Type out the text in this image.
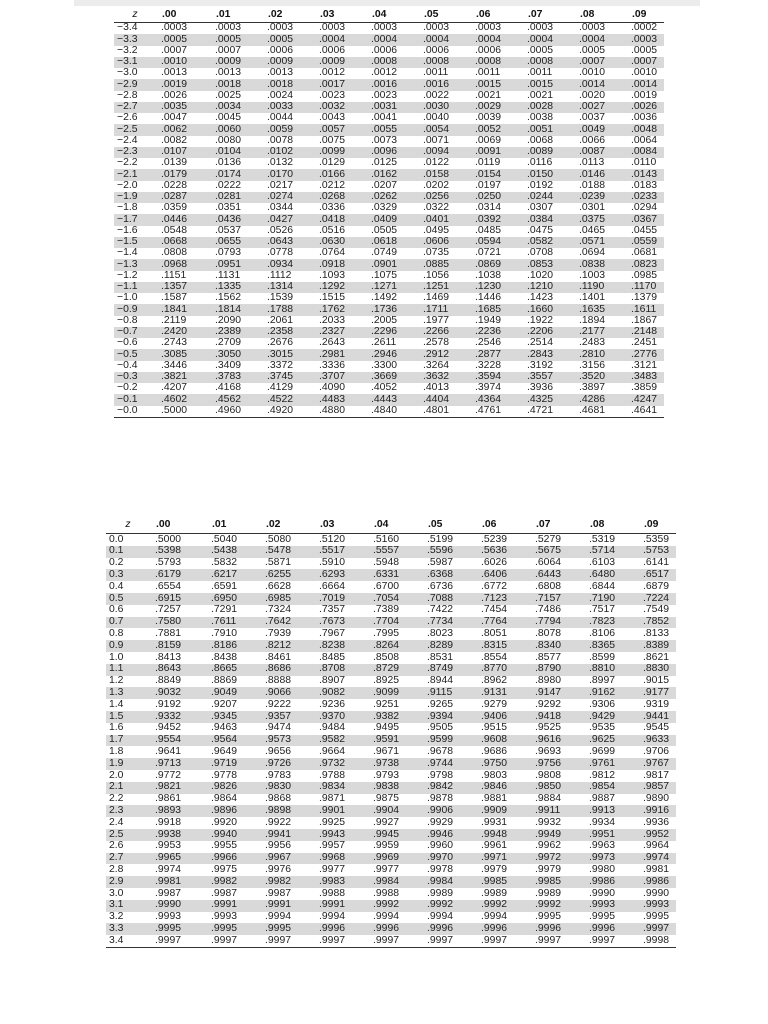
z	.00	.01	.02	.03	.04	.05	.06	.07	.08	.09
−3.4	.0003	.0003	.0003	.0003	.0003	.0003	.0003	.0003	.0003	.0002
−3.3	.0005	.0005	.0005	.0004	.0004	.0004	.0004	.0004	.0004	.0003
−3.2	.0007	.0007	.0006	.0006	.0006	.0006	.0006	.0005	.0005	.0005
−3.1	.0010	.0009	.0009	.0009	.0008	.0008	.0008	.0008	.0007	.0007
−3.0	.0013	.0013	.0013	.0012	.0012	.0011	.0011	.0011	.0010	.0010
−2.9	.0019	.0018	.0018	.0017	.0016	.0016	.0015	.0015	.0014	.0014
−2.8	.0026	.0025	.0024	.0023	.0023	.0022	.0021	.0021	.0020	.0019
−2.7	.0035	.0034	.0033	.0032	.0031	.0030	.0029	.0028	.0027	.0026
−2.6	.0047	.0045	.0044	.0043	.0041	.0040	.0039	.0038	.0037	.0036
−2.5	.0062	.0060	.0059	.0057	.0055	.0054	.0052	.0051	.0049	.0048
−2.4	.0082	.0080	.0078	.0075	.0073	.0071	.0069	.0068	.0066	.0064
−2.3	.0107	.0104	.0102	.0099	.0096	.0094	.0091	.0089	.0087	.0084
−2.2	.0139	.0136	.0132	.0129	.0125	.0122	.0119	.0116	.0113	.0110
−2.1	.0179	.0174	.0170	.0166	.0162	.0158	.0154	.0150	.0146	.0143
−2.0	.0228	.0222	.0217	.0212	.0207	.0202	.0197	.0192	.0188	.0183
−1.9	.0287	.0281	.0274	.0268	.0262	.0256	.0250	.0244	.0239	.0233
−1.8	.0359	.0351	.0344	.0336	.0329	.0322	.0314	.0307	.0301	.0294
−1.7	.0446	.0436	.0427	.0418	.0409	.0401	.0392	.0384	.0375	.0367
−1.6	.0548	.0537	.0526	.0516	.0505	.0495	.0485	.0475	.0465	.0455
−1.5	.0668	.0655	.0643	.0630	.0618	.0606	.0594	.0582	.0571	.0559
−1.4	.0808	.0793	.0778	.0764	.0749	.0735	.0721	.0708	.0694	.0681
−1.3	.0968	.0951	.0934	.0918	.0901	.0885	.0869	.0853	.0838	.0823
−1.2	.1151	.1131	.1112	.1093	.1075	.1056	.1038	.1020	.1003	.0985
−1.1	.1357	.1335	.1314	.1292	.1271	.1251	.1230	.1210	.1190	.1170
−1.0	.1587	.1562	.1539	.1515	.1492	.1469	.1446	.1423	.1401	.1379
−0.9	.1841	.1814	.1788	.1762	.1736	.1711	.1685	.1660	.1635	.1611
−0.8	.2119	.2090	.2061	.2033	.2005	.1977	.1949	.1922	.1894	.1867
−0.7	.2420	.2389	.2358	.2327	.2296	.2266	.2236	.2206	.2177	.2148
−0.6	.2743	.2709	.2676	.2643	.2611	.2578	.2546	.2514	.2483	.2451
−0.5	.3085	.3050	.3015	.2981	.2946	.2912	.2877	.2843	.2810	.2776
−0.4	.3446	.3409	.3372	.3336	.3300	.3264	.3228	.3192	.3156	.3121
−0.3	.3821	.3783	.3745	.3707	.3669	.3632	.3594	.3557	.3520	.3483
−0.2	.4207	.4168	.4129	.4090	.4052	.4013	.3974	.3936	.3897	.3859
−0.1	.4602	.4562	.4522	.4483	.4443	.4404	.4364	.4325	.4286	.4247
−0.0	.5000	.4960	.4920	.4880	.4840	.4801	.4761	.4721	.4681	.4641
z	.00	.01	.02	.03	.04	.05	.06	.07	.08	.09
0.0	.5000	.5040	.5080	.5120	.5160	.5199	.5239	.5279	.5319	.5359
0.1	.5398	.5438	.5478	.5517	.5557	.5596	.5636	.5675	.5714	.5753
0.2	.5793	.5832	.5871	.5910	.5948	.5987	.6026	.6064	.6103	.6141
0.3	.6179	.6217	.6255	.6293	.6331	.6368	.6406	.6443	.6480	.6517
0.4	.6554	.6591	.6628	.6664	.6700	.6736	.6772	.6808	.6844	.6879
0.5	.6915	.6950	.6985	.7019	.7054	.7088	.7123	.7157	.7190	.7224
0.6	.7257	.7291	.7324	.7357	.7389	.7422	.7454	.7486	.7517	.7549
0.7	.7580	.7611	.7642	.7673	.7704	.7734	.7764	.7794	.7823	.7852
0.8	.7881	.7910	.7939	.7967	.7995	.8023	.8051	.8078	.8106	.8133
0.9	.8159	.8186	.8212	.8238	.8264	.8289	.8315	.8340	.8365	.8389
1.0	.8413	.8438	.8461	.8485	.8508	.8531	.8554	.8577	.8599	.8621
1.1	.8643	.8665	.8686	.8708	.8729	.8749	.8770	.8790	.8810	.8830
1.2	.8849	.8869	.8888	.8907	.8925	.8944	.8962	.8980	.8997	.9015
1.3	.9032	.9049	.9066	.9082	.9099	.9115	.9131	.9147	.9162	.9177
1.4	.9192	.9207	.9222	.9236	.9251	.9265	.9279	.9292	.9306	.9319
1.5	.9332	.9345	.9357	.9370	.9382	.9394	.9406	.9418	.9429	.9441
1.6	.9452	.9463	.9474	.9484	.9495	.9505	.9515	.9525	.9535	.9545
1.7	.9554	.9564	.9573	.9582	.9591	.9599	.9608	.9616	.9625	.9633
1.8	.9641	.9649	.9656	.9664	.9671	.9678	.9686	.9693	.9699	.9706
1.9	.9713	.9719	.9726	.9732	.9738	.9744	.9750	.9756	.9761	.9767
2.0	.9772	.9778	.9783	.9788	.9793	.9798	.9803	.9808	.9812	.9817
2.1	.9821	.9826	.9830	.9834	.9838	.9842	.9846	.9850	.9854	.9857
2.2	.9861	.9864	.9868	.9871	.9875	.9878	.9881	.9884	.9887	.9890
2.3	.9893	.9896	.9898	.9901	.9904	.9906	.9909	.9911	.9913	.9916
2.4	.9918	.9920	.9922	.9925	.9927	.9929	.9931	.9932	.9934	.9936
2.5	.9938	.9940	.9941	.9943	.9945	.9946	.9948	.9949	.9951	.9952
2.6	.9953	.9955	.9956	.9957	.9959	.9960	.9961	.9962	.9963	.9964
2.7	.9965	.9966	.9967	.9968	.9969	.9970	.9971	.9972	.9973	.9974
2.8	.9974	.9975	.9976	.9977	.9977	.9978	.9979	.9979	.9980	.9981
2.9	.9981	.9982	.9982	.9983	.9984	.9984	.9985	.9985	.9986	.9986
3.0	.9987	.9987	.9987	.9988	.9988	.9989	.9989	.9989	.9990	.9990
3.1	.9990	.9991	.9991	.9991	.9992	.9992	.9992	.9992	.9993	.9993
3.2	.9993	.9993	.9994	.9994	.9994	.9994	.9994	.9995	.9995	.9995
3.3	.9995	.9995	.9995	.9996	.9996	.9996	.9996	.9996	.9996	.9997
3.4	.9997	.9997	.9997	.9997	.9997	.9997	.9997	.9997	.9997	.9998
